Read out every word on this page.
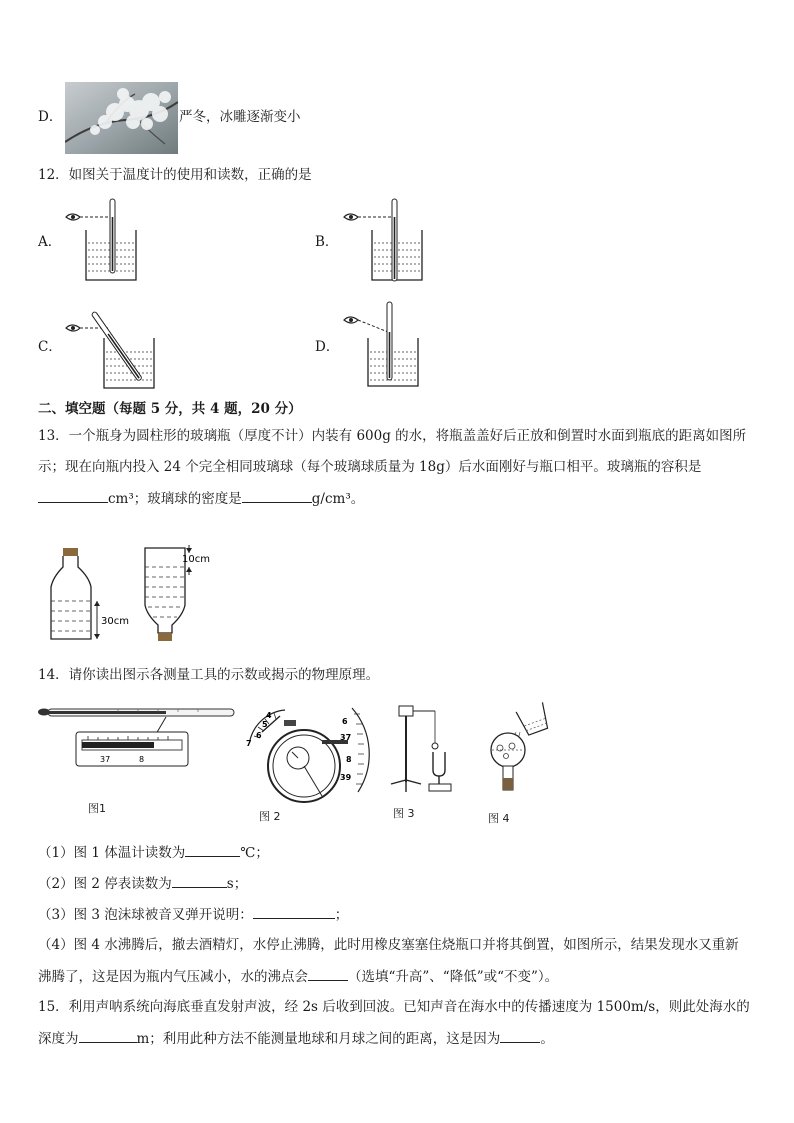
D．	严冬，冰雕逐渐变小
12．如图关于温度计的使用和读数，正确的是
A．	B．
C．	D．
二、填空题（每题 5 分，共 4 题，20 分）
13．一个瓶身为圆柱形的玻璃瓶（厚度不计）内装有 600g 的水，将瓶盖盖好后正放和倒置时水面到瓶底的距离如图所
示；现在向瓶内投入 24 个完全相同玻璃球（每个玻璃球质量为 18g）后水面刚好与瓶口相平。玻璃瓶的容积是
cm³；玻璃球的密度是	g/cm³。
30cm
10cm
14．请你读出图示各测量工具的示数或揭示的物理原理。
37	8
图1
4
5
6
7
6
37
8
39
图 2	图 3	图 4
（1）图 1 体温计读数为	℃；
（2）图 2 停表读数为	s；
（3）图 3 泡沫球被音叉弹开说明：	；
（4）图 4 水沸腾后，撤去酒精灯，水停止沸腾，此时用橡皮塞塞住烧瓶口并将其倒置，如图所示，结果发现水又重新
沸腾了，这是因为瓶内气压减小，水的沸点会	（选填“升高”、“降低”或“不变”）。
15．利用声呐系统向海底垂直发射声波，经 2s 后收到回波。已知声音在海水中的传播速度为 1500m/s，则此处海水的
深度为	m；利用此种方法不能测量地球和月球之间的距离，这是因为	。
